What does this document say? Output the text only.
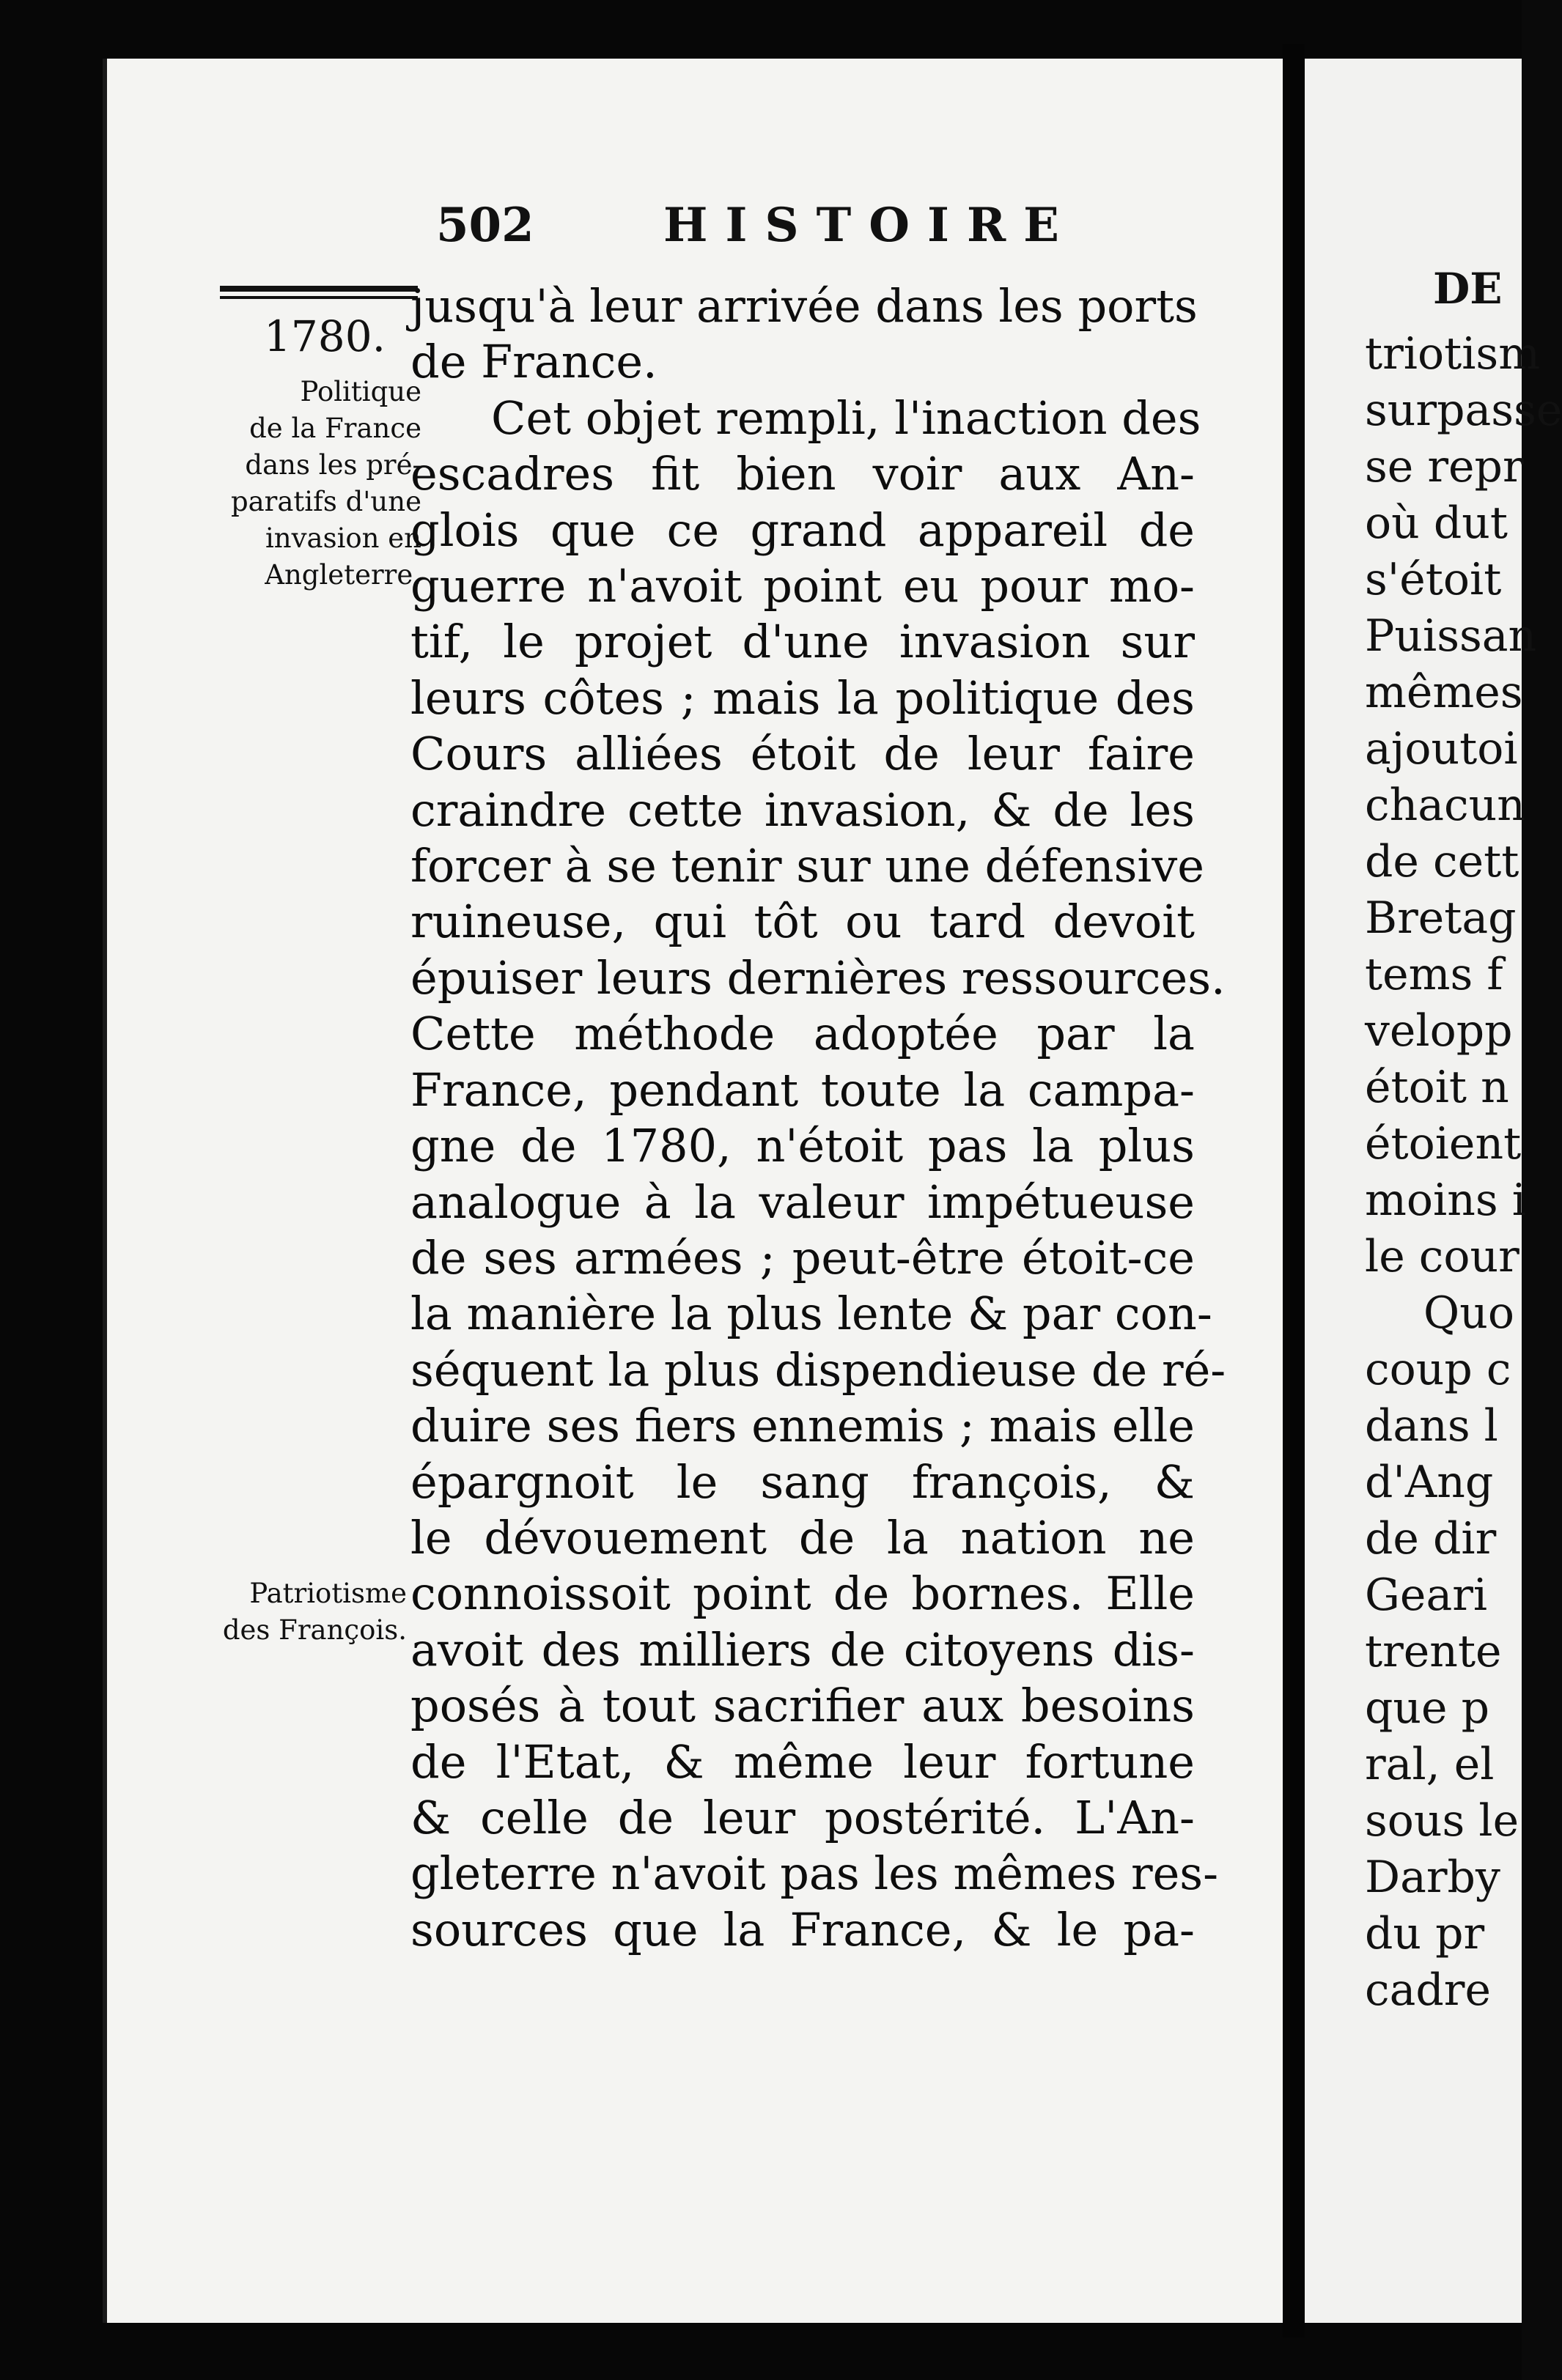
DE
triotism
surpasse
se repr
où dut
s'étoit
Puissan
mêmes
ajoutoi
chacun
de cett
Bretag
tems f
velopp
étoit n
étoient
moins i
le cour
Quo
coup c
dans l
d'Ang
de dir
Geari
trente
que p
ral, el
sous le
Darby
du pr
cadre
502	HISTOIRE
1780.
Politique
de la France
dans les pré-
paratifs d'une
invasion en
Angleterre.
Patriotisme
des François.
jusqu'à leur arrivée dans les ports
de France.
Cet objet rempli, l'inaction des
escadres fit bien voir aux An-
glois que ce grand appareil de
guerre n'avoit point eu pour mo-
tif, le projet d'une invasion sur
leurs côtes ; mais la politique des
Cours alliées étoit de leur faire
craindre cette invasion, & de les
forcer à se tenir sur une défensive
ruineuse, qui tôt ou tard devoit
épuiser leurs dernières ressources.
Cette méthode adoptée par la
France, pendant toute la campa-
gne de 1780, n'étoit pas la plus
analogue à la valeur impétueuse
de ses armées ; peut-être étoit-ce
la manière la plus lente & par con-
séquent la plus dispendieuse de ré-
duire ses fiers ennemis ; mais elle
épargnoit le sang françois, &
le dévouement de la nation ne
connoissoit point de bornes. Elle
avoit des milliers de citoyens dis-
posés à tout sacrifier aux besoins
de l'Etat, & même leur fortune
& celle de leur postérité. L'An-
gleterre n'avoit pas les mêmes res-
sources que la France, & le pa-
